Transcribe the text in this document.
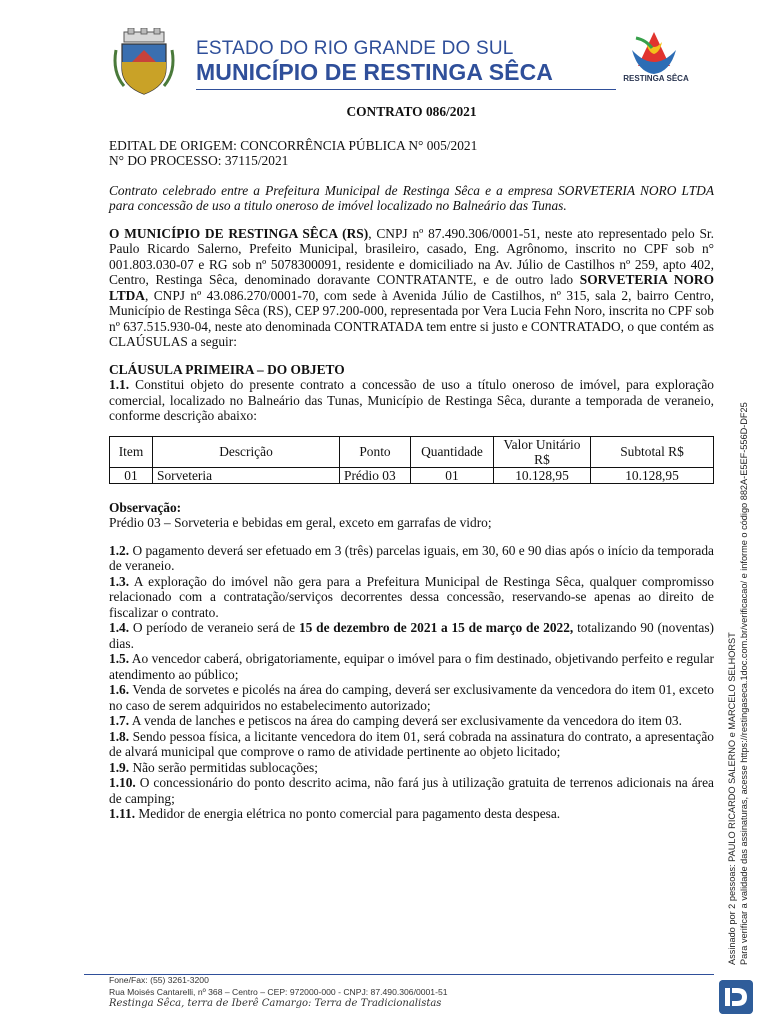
ESTADO DO RIO GRANDE DO SUL
MUNICÍPIO DE RESTINGA SÊCA	RESTINGA SÊCA

CONTRATO 086/2021

EDITAL DE ORIGEM: CONCORRÊNCIA PÚBLICA N° 005/2021

N° DO PROCESSO: 37115/2021

Contrato celebrado entre a Prefeitura Municipal de Restinga Sêca e a empresa SORVETERIA NORO LTDA para concessão de uso a titulo oneroso de imóvel localizado no Balneário das Tunas.

O MUNICÍPIO DE RESTINGA SÊCA (RS), CNPJ nº 87.490.306/0001-51, neste ato representado pelo Sr. Paulo Ricardo Salerno, Prefeito Municipal, brasileiro, casado, Eng. Agrônomo, inscrito no CPF sob n° 001.803.030-07 e RG sob nº 5078300091, residente e domiciliado na Av. Júlio de Castilhos nº 259, apto 402, Centro, Restinga Sêca, denominado doravante CONTRATANTE, e de outro lado SORVETERIA NORO LTDA, CNPJ nº 43.086.270/0001-70, com sede à Avenida Júlio de Castilhos, nº 315, sala 2, bairro Centro, Município de Restinga Sêca (RS), CEP 97.200-000, representada por Vera Lucia Fehn Noro, inscrita no CPF sob nº 637.515.930-04, neste ato denominada CONTRATADA tem entre si justo e CONTRATADO, o que contém as CLAÚSULAS a seguir:

CLÁUSULA PRIMEIRA – DO OBJETO

1.1. Constitui objeto do presente contrato a concessão de uso a título oneroso de imóvel, para exploração comercial, localizado no Balneário das Tunas, Município de Restinga Sêca, durante a temporada de veraneio, conforme descrição abaixo:

Item	Descrição	Ponto	Quantidade	Valor Unitário R$	Subtotal R$
01	Sorveteria	Prédio 03	01	10.128,95	10.128,95

Observação:

Prédio 03 – Sorveteria e bebidas em geral, exceto em garrafas de vidro;

1.2. O pagamento deverá ser efetuado em 3 (três) parcelas iguais, em 30, 60 e 90 dias após o início da temporada de veraneio.

1.3. A exploração do imóvel não gera para a Prefeitura Municipal de Restinga Sêca, qualquer compromisso relacionado com a contratação/serviços decorrentes dessa concessão, reservando-se apenas ao direito de fiscalizar o contrato.

1.4. O período de veraneio será de 15 de dezembro de 2021 a 15 de março de 2022, totalizando 90 (noventas) dias.

1.5. Ao vencedor caberá, obrigatoriamente, equipar o imóvel para o fim destinado, objetivando perfeito e regular atendimento ao público;

1.6. Venda de sorvetes e picolés na área do camping, deverá ser exclusivamente da vencedora do item 01, exceto no caso de serem adquiridos no estabelecimento autorizado;

1.7. A venda de lanches e petiscos na área do camping deverá ser exclusivamente da vencedora do item 03.

1.8. Sendo pessoa física, a licitante vencedora do item 01, será cobrada na assinatura do contrato, a apresentação de alvará municipal que comprove o ramo de atividade pertinente ao objeto licitado;

1.9. Não serão permitidas sublocações;

1.10. O concessionário do ponto descrito acima, não fará jus à utilização gratuita de terrenos adicionais na área de camping;

1.11. Medidor de energia elétrica no ponto comercial para pagamento desta despesa.	Assinado por 2 pessoas: PAULO RICARDO SALERNO e MARCELO SELHORST Para verificar a validade das assinaturas, acesse https://restingaseca.1doc.com.br/verificacao/ e informe o código 882A-E5EF-556D-DF25
Fone/Fax: (55) 3261-3200
Rua Moisés Cantarelli, nº 368 – Centro – CEP: 972000-000 - CNPJ: 87.490.306/0001-51
Restinga Sêca, terra de Iberê Camargo: Terra de Tradicionalistas
